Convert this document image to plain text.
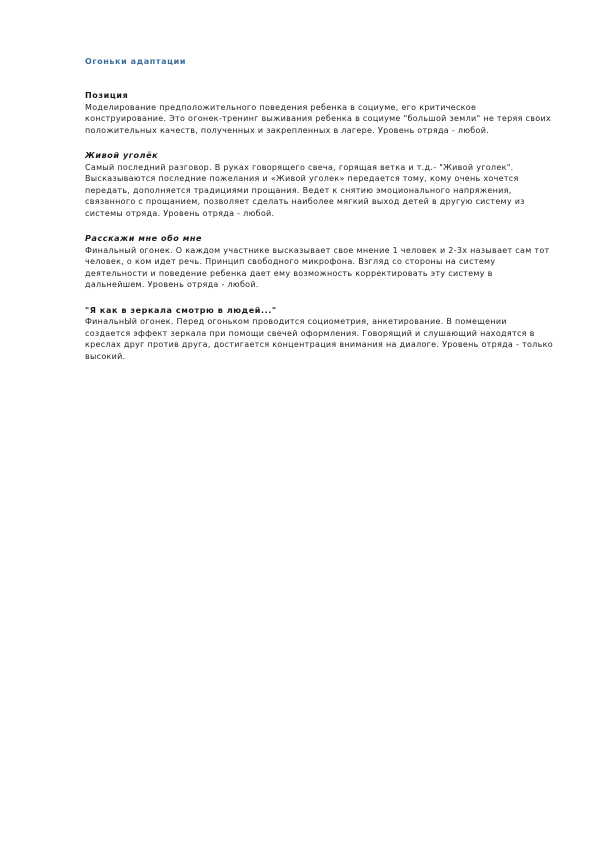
Огоньки адаптации
Позиция
Моделирование предположительного поведения ребенка в социуме, его критическое конструирование. Это огонек-тренинг выживания ребенка в социуме "большой земли" не теряя своих положительных качеств, полученных и закрепленных в лагере. Уровень отряда - любой.
Живой уголёк
Самый последний разговор. В руках говорящего свеча, горящая ветка и т.д.- "Живой уголек". Высказываются последние пожелания и «Живой уголек» передается тому, кому очень хочется передать, дополняется традициями прощания. Ведет к снятию эмоционального напряжения, связанного с прощанием, позволяет сделать наиболее мягкий выход детей в другую систему из системы отряда. Уровень отряда - любой.
Расскажи мне обо мне
Финальный огонек. О каждом участнике высказывает свое мнение 1 человек и 2-3х называет сам тот человек, о ком идет речь. Принцип свободного микрофона. Взгляд со стороны на систему деятельности и поведение ребенка дает ему возможность корректировать эту систему в дальнейшем. Уровень отряда - любой.
"Я как в зеркала смотрю в людей..."
ФинальнЫй огонек. Перед огоньком проводится социометрия, анкетирование. В помещении создается эффект зеркала при помощи свечей оформления. Говорящий и слушающий находятся в креслах друг против друга, достигается концентрация внимания на диалоге. Уровень отряда - только высокий.
